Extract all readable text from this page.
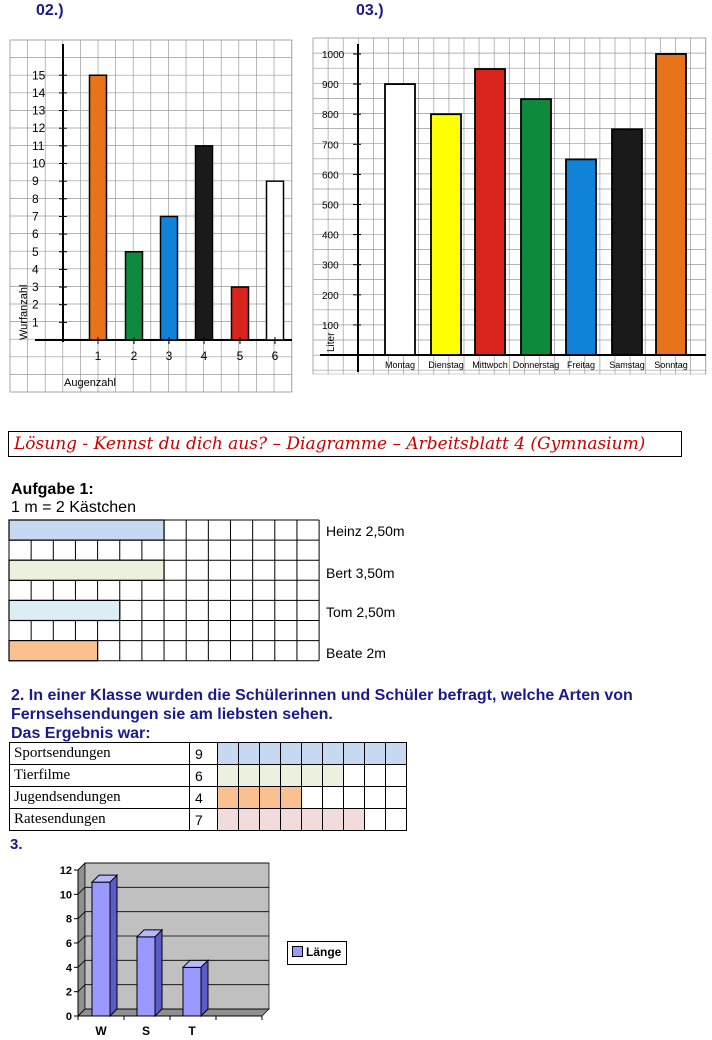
02.)	03.)
1
2
3
4
5
6
7
8
9
10
11
12
13
14
15
1 2 3 4 5 6
Augenzahl
Wurfanzahl	100
200
300
400
500
600
700
800
900
1000
Montag Dienstag Mittwoch Donnerstag Freitag Samstag Sonntag
Liter
0
2
4
6
8
10
12
W	S	T
Lösung - Kennst du dich aus? – Diagramme – Arbeitsblatt 4 (Gymnasium)
Aufgabe 1:
1 m = 2 Kästchen
Heinz 2,50m
Bert 3,50m
Tom 2,50m
Beate 2m
2. In einer Klasse wurden die Schülerinnen und Schüler befragt, welche Arten von Fernsehsendungen sie am liebsten sehen.
Das Ergebnis war:
Sportsendungen	9									
Tierfilme	6									
Jugendsendungen	4									
Ratesendungen	7									
3.
Länge
